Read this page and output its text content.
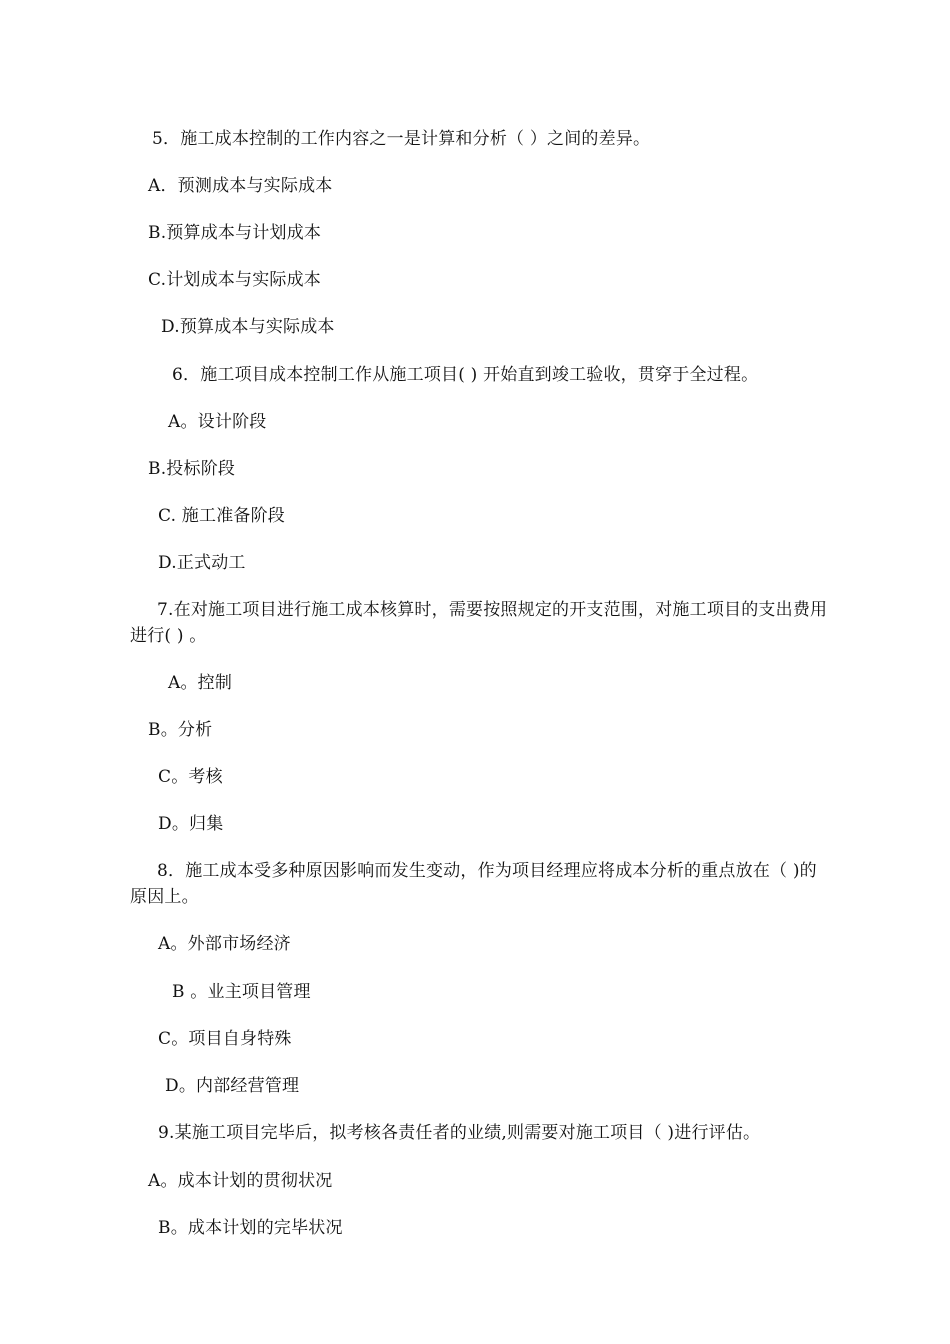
5．施工成本控制的工作内容之一是计算和分析（ ）之间的差异。
A．预测成本与实际成本
B.预算成本与计划成本
C.计划成本与实际成本
D.预算成本与实际成本
6．施工项目成本控制工作从施工项目( ) 开始直到竣工验收，贯穿于全过程。
A。设计阶段
B.投标阶段
C. 施工准备阶段
D.正式动工
7.在对施工项目进行施工成本核算时，需要按照规定的开支范围，对施工项目的支出费用进行( ) 。
A。控制
B。分析
C。考核
D。归集
8．施工成本受多种原因影响而发生变动，作为项目经理应将成本分析的重点放在（ )的原因上。
A。外部市场经济
B 。业主项目管理
C。项目自身特殊
D。内部经营管理
9.某施工项目完毕后，拟考核各责任者的业绩,则需要对施工项目（ )进行评估。
A。成本计划的贯彻状况
B。成本计划的完毕状况
